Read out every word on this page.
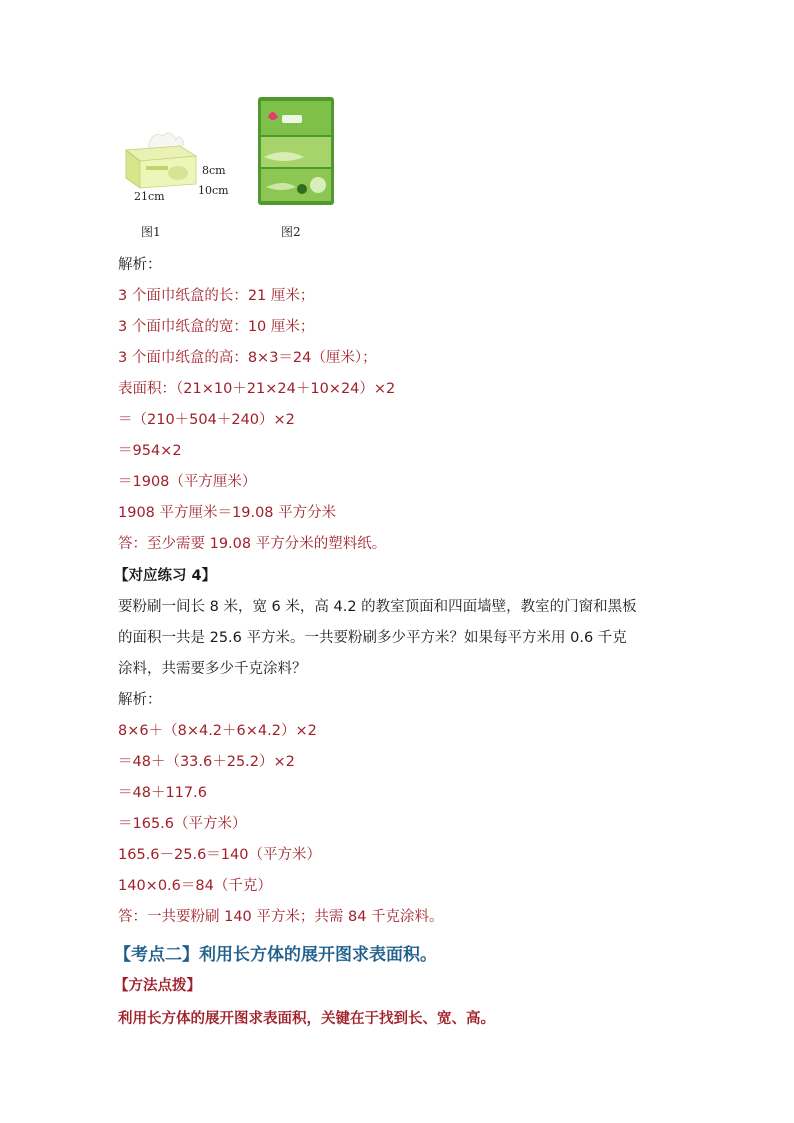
8cm
10cm
21cm
图1	图2
解析：
3 个面巾纸盒的长：21 厘米；
3 个面巾纸盒的宽：10 厘米；
3 个面巾纸盒的高：8×3＝24（厘米）；
表面积：（21×10＋21×24＋10×24）×2
＝（210＋504＋240）×2
＝954×2
＝1908（平方厘米）
1908 平方厘米＝19.08 平方分米
答：至少需要 19.08 平方分米的塑料纸。
【对应练习 4】
要粉刷一间长 8 米，宽 6 米，高 4.2 的教室顶面和四面墙壁，教室的门窗和黑板
的面积一共是 25.6 平方米。一共要粉刷多少平方米？如果每平方米用 0.6 千克
涂料，共需要多少千克涂料？
解析：
8×6＋（8×4.2＋6×4.2）×2
＝48＋（33.6＋25.2）×2
＝48＋117.6
＝165.6（平方米）
165.6－25.6＝140（平方米）
140×0.6＝84（千克）
答：一共要粉刷 140 平方米；共需 84 千克涂料。
【考点二】利用长方体的展开图求表面积。
【方法点拨】
利用长方体的展开图求表面积，关键在于找到长、宽、高。
